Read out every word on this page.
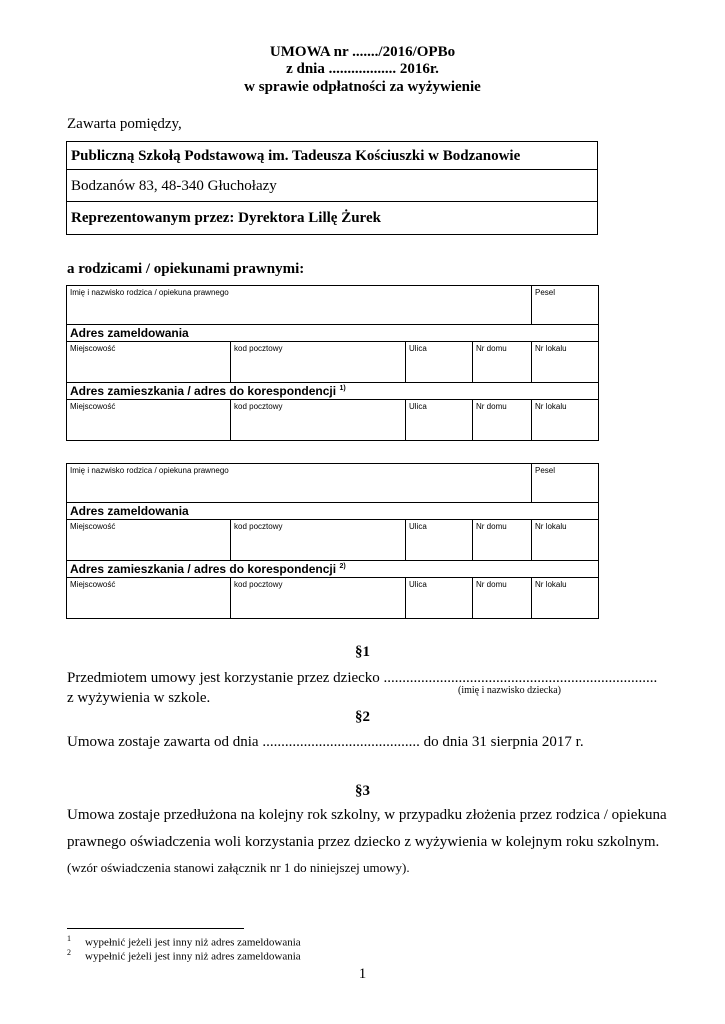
UMOWA nr ......./2016/OPBo
z dnia .................. 2016r.
w sprawie odpłatności za wyżywienie
Zawarta pomiędzy,
Publiczną Szkołą Podstawową im. Tadeusza Kościuszki w Bodzanowie
Bodzanów 83, 48-340 Głuchołazy
Reprezentowanym przez: Dyrektora Lillę Żurek
a rodzicami / opiekunami prawnymi:
Imię i nazwisko rodzica / opiekuna prawnego				Pesel
Adres zameldowania				
Miejscowość	kod pocztowy	Ulica	Nr domu	Nr lokalu
Adres zamieszkania / adres do korespondencji $^{1)}$
Miejscowość	kod pocztowy	Ulica	Nr domu	Nr lokalu
Imię i nazwisko rodzica / opiekuna prawnego				Pesel
Adres zameldowania				
Miejscowość	kod pocztowy	Ulica	Nr domu	Nr lokalu
Adres zamieszkania / adres do korespondencji $^{2)}$
Miejscowość	kod pocztowy	Ulica	Nr domu	Nr lokalu
§1
Przedmiotem umowy jest korzystanie przez dziecko .........................................................................
z wyżywienia w szkole.	(imię i nazwisko dziecka)
§2
Umowa zostaje zawarta od dnia .......................................... do dnia 31 sierpnia 2017 r.
§3
Umowa zostaje przedłużona na kolejny rok szkolny, w przypadku złożenia przez rodzica / opiekuna
prawnego oświadczenia woli korzystania przez dziecko z wyżywienia w kolejnym roku szkolnym.
(wzór oświadczenia stanowi załącznik nr 1 do niniejszej umowy).
$^1$ wypełnić jeżeli jest inny niż adres zameldowania
$^2$ wypełnić jeżeli jest inny niż adres zameldowania
1
